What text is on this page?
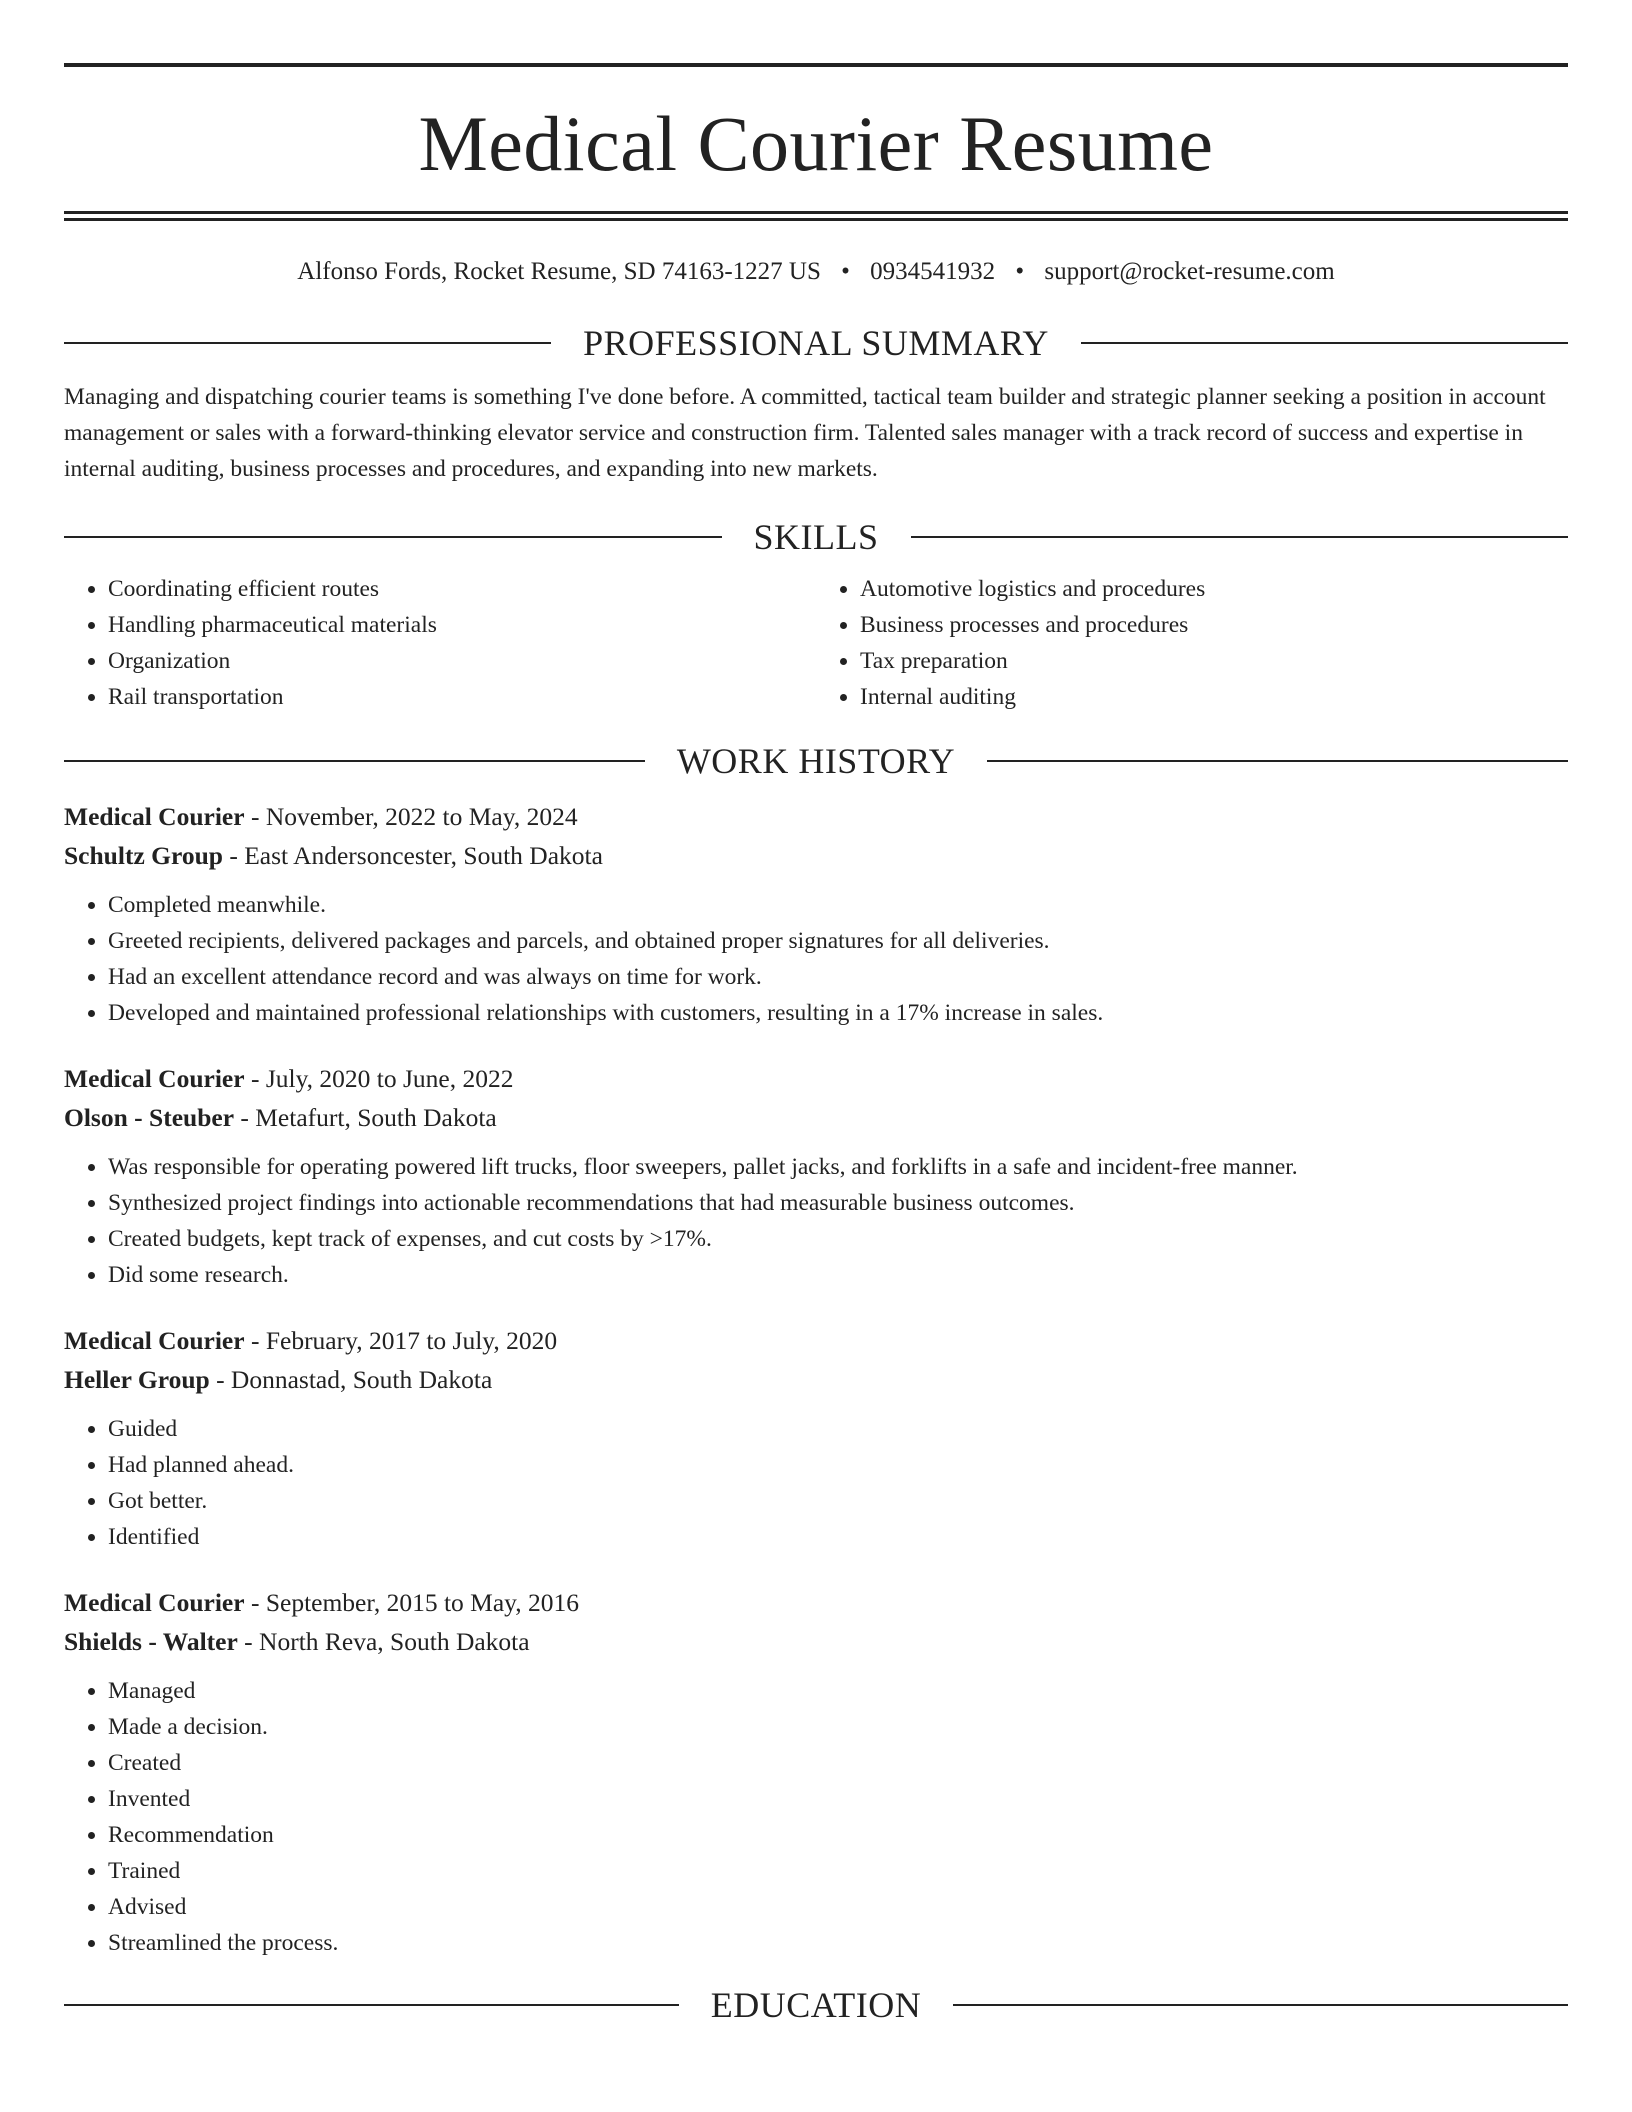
Medical Courier Resume
Alfonso Fords, Rocket Resume, SD 74163-1227 US • 0934541932 • support@rocket-resume.com
PROFESSIONAL SUMMARY
Managing and dispatching courier teams is something I've done before. A committed, tactical team builder and strategic planner seeking a position in account management or sales with a forward-thinking elevator service and construction firm. Talented sales manager with a track record of success and expertise in internal auditing, business processes and procedures, and expanding into new markets.
SKILLS
• Coordinating efficient routes
• Handling pharmaceutical materials
• Organization
• Rail transportation
• Automotive logistics and procedures
• Business processes and procedures
• Tax preparation
• Internal auditing
WORK HISTORY
Medical Courier - November, 2022 to May, 2024
Schultz Group - East Andersoncester, South Dakota
• Completed meanwhile.
• Greeted recipients, delivered packages and parcels, and obtained proper signatures for all deliveries.
• Had an excellent attendance record and was always on time for work.
• Developed and maintained professional relationships with customers, resulting in a 17% increase in sales.
Medical Courier - July, 2020 to June, 2022
Olson - Steuber - Metafurt, South Dakota
• Was responsible for operating powered lift trucks, floor sweepers, pallet jacks, and forklifts in a safe and incident-free manner.
• Synthesized project findings into actionable recommendations that had measurable business outcomes.
• Created budgets, kept track of expenses, and cut costs by >17%.
• Did some research.
Medical Courier - February, 2017 to July, 2020
Heller Group - Donnastad, South Dakota
• Guided
• Had planned ahead.
• Got better.
• Identified
Medical Courier - September, 2015 to May, 2016
Shields - Walter - North Reva, South Dakota
• Managed
• Made a decision.
• Created
• Invented
• Recommendation
• Trained
• Advised
• Streamlined the process.
EDUCATION
